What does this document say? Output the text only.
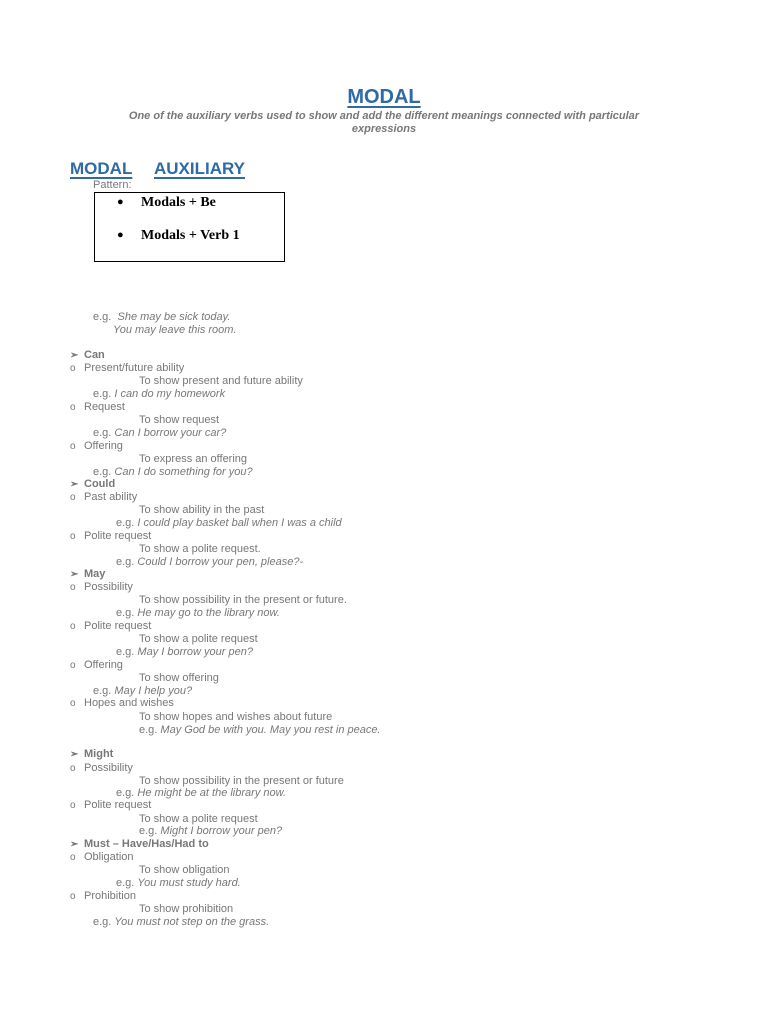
MODAL
One of the auxiliary verbs used to show and add the different meanings connected with particular expressions
MODAL AUXILIARY
Pattern:
● Modals + Be
● Modals + Verb 1
e.g. She may be sick today.
You may leave this room.
➢ Can
o Present/future ability
To show present and future ability
e.g. I can do my homework
o Request
To show request
e.g. Can I borrow your car?
o Offering
To express an offering
e.g. Can I do something for you?
➢ Could
o Past ability
To show ability in the past
e.g. I could play basket ball when I was a child
o Polite request
To show a polite request.
e.g. Could I borrow your pen, please?-
➢ May
o Possibility
To show possibility in the present or future.
e.g. He may go to the library now.
o Polite request
To show a polite request
e.g. May I borrow your pen?
o Offering
To show offering
e.g. May I help you?
o Hopes and wishes
To show hopes and wishes about future
e.g. May God be with you. May you rest in peace.
➢ Might
o Possibility
To show possibility in the present or future
e.g. He might be at the library now.
o Polite request
To show a polite request
e.g. Might I borrow your pen?
➢ Must – Have/Has/Had to
o Obligation
To show obligation
e.g. You must study hard.
o Prohibition
To show prohibition
e.g. You must not step on the grass.
